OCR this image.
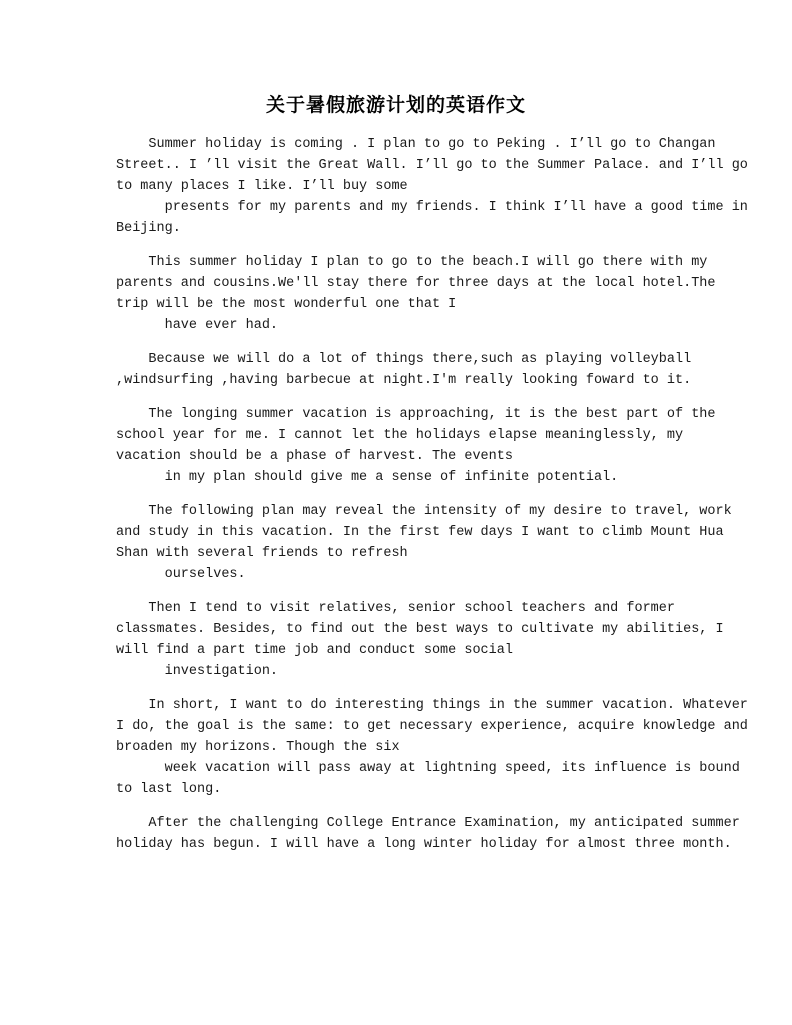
关于暑假旅游计划的英语作文
Summer holiday is coming . I plan to go to Peking . I’ll go to Changan
Street.. I ’ll visit the Great Wall. I’ll go to the Summer Palace. and I’ll go
to many places I like. I’ll buy some
presents for my parents and my friends. I think I’ll have a good time in
Beijing.
This summer holiday I plan to go to the beach.I will go there with my
parents and cousins.We'll stay there for three days at the local hotel.The
trip will be the most wonderful one that I
have ever had.
Because we will do a lot of things there,such as playing volleyball
,windsurfing ,having barbecue at night.I'm really looking foward to it.
The longing summer vacation is approaching, it is the best part of the
school year for me. I cannot let the holidays elapse meaninglessly, my
vacation should be a phase of harvest. The events
in my plan should give me a sense of infinite potential.
The following plan may reveal the intensity of my desire to travel, work
and study in this vacation. In the first few days I want to climb Mount Hua
Shan with several friends to refresh
ourselves.
Then I tend to visit relatives, senior school teachers and former
classmates. Besides, to find out the best ways to cultivate my abilities, I
will find a part time job and conduct some social
investigation.
In short, I want to do interesting things in the summer vacation. Whatever
I do, the goal is the same: to get necessary experience, acquire knowledge and
broaden my horizons. Though the six
week vacation will pass away at lightning speed, its influence is bound
to last long.
After the challenging College Entrance Examination, my anticipated summer
holiday has begun. I will have a long winter holiday for almost three month.
